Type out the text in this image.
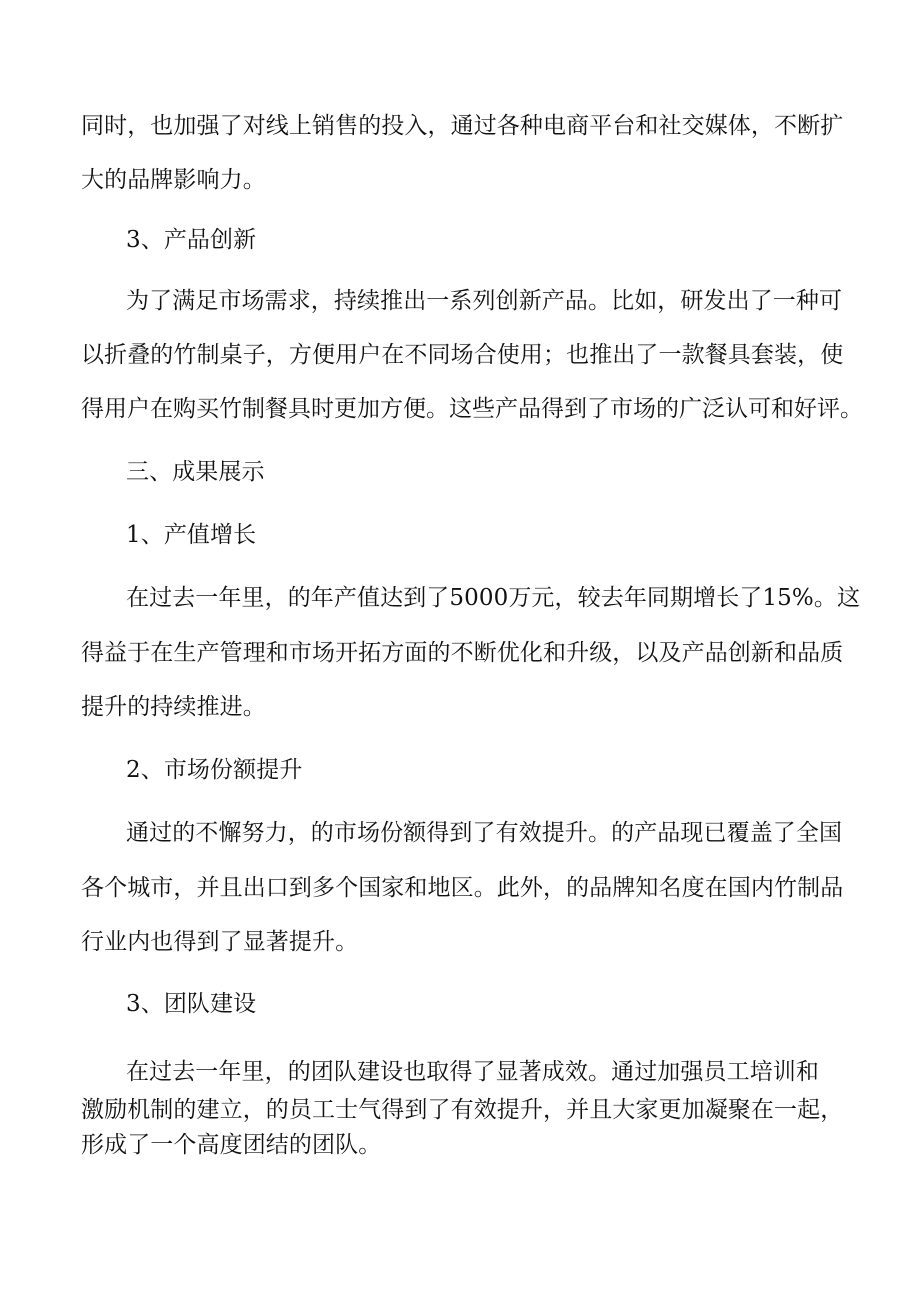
同时，也加强了对线上销售的投入，通过各种电商平台和社交媒体，不断扩
大的品牌影响力。
3、产品创新
为了满足市场需求，持续推出一系列创新产品。比如，研发出了一种可
以折叠的竹制桌子，方便用户在不同场合使用；也推出了一款餐具套装，使
得用户在购买竹制餐具时更加方便。这些产品得到了市场的广泛认可和好评。
三、成果展示
1、产值增长
在过去一年里，的年产值达到了5000万元，较去年同期增长了15%。这
得益于在生产管理和市场开拓方面的不断优化和升级，以及产品创新和品质
提升的持续推进。
2、市场份额提升
通过的不懈努力，的市场份额得到了有效提升。的产品现已覆盖了全国
各个城市，并且出口到多个国家和地区。此外，的品牌知名度在国内竹制品
行业内也得到了显著提升。
3、团队建设
在过去一年里，的团队建设也取得了显著成效。通过加强员工培训和
激励机制的建立，的员工士气得到了有效提升，并且大家更加凝聚在一起，
形成了一个高度团结的团队。
